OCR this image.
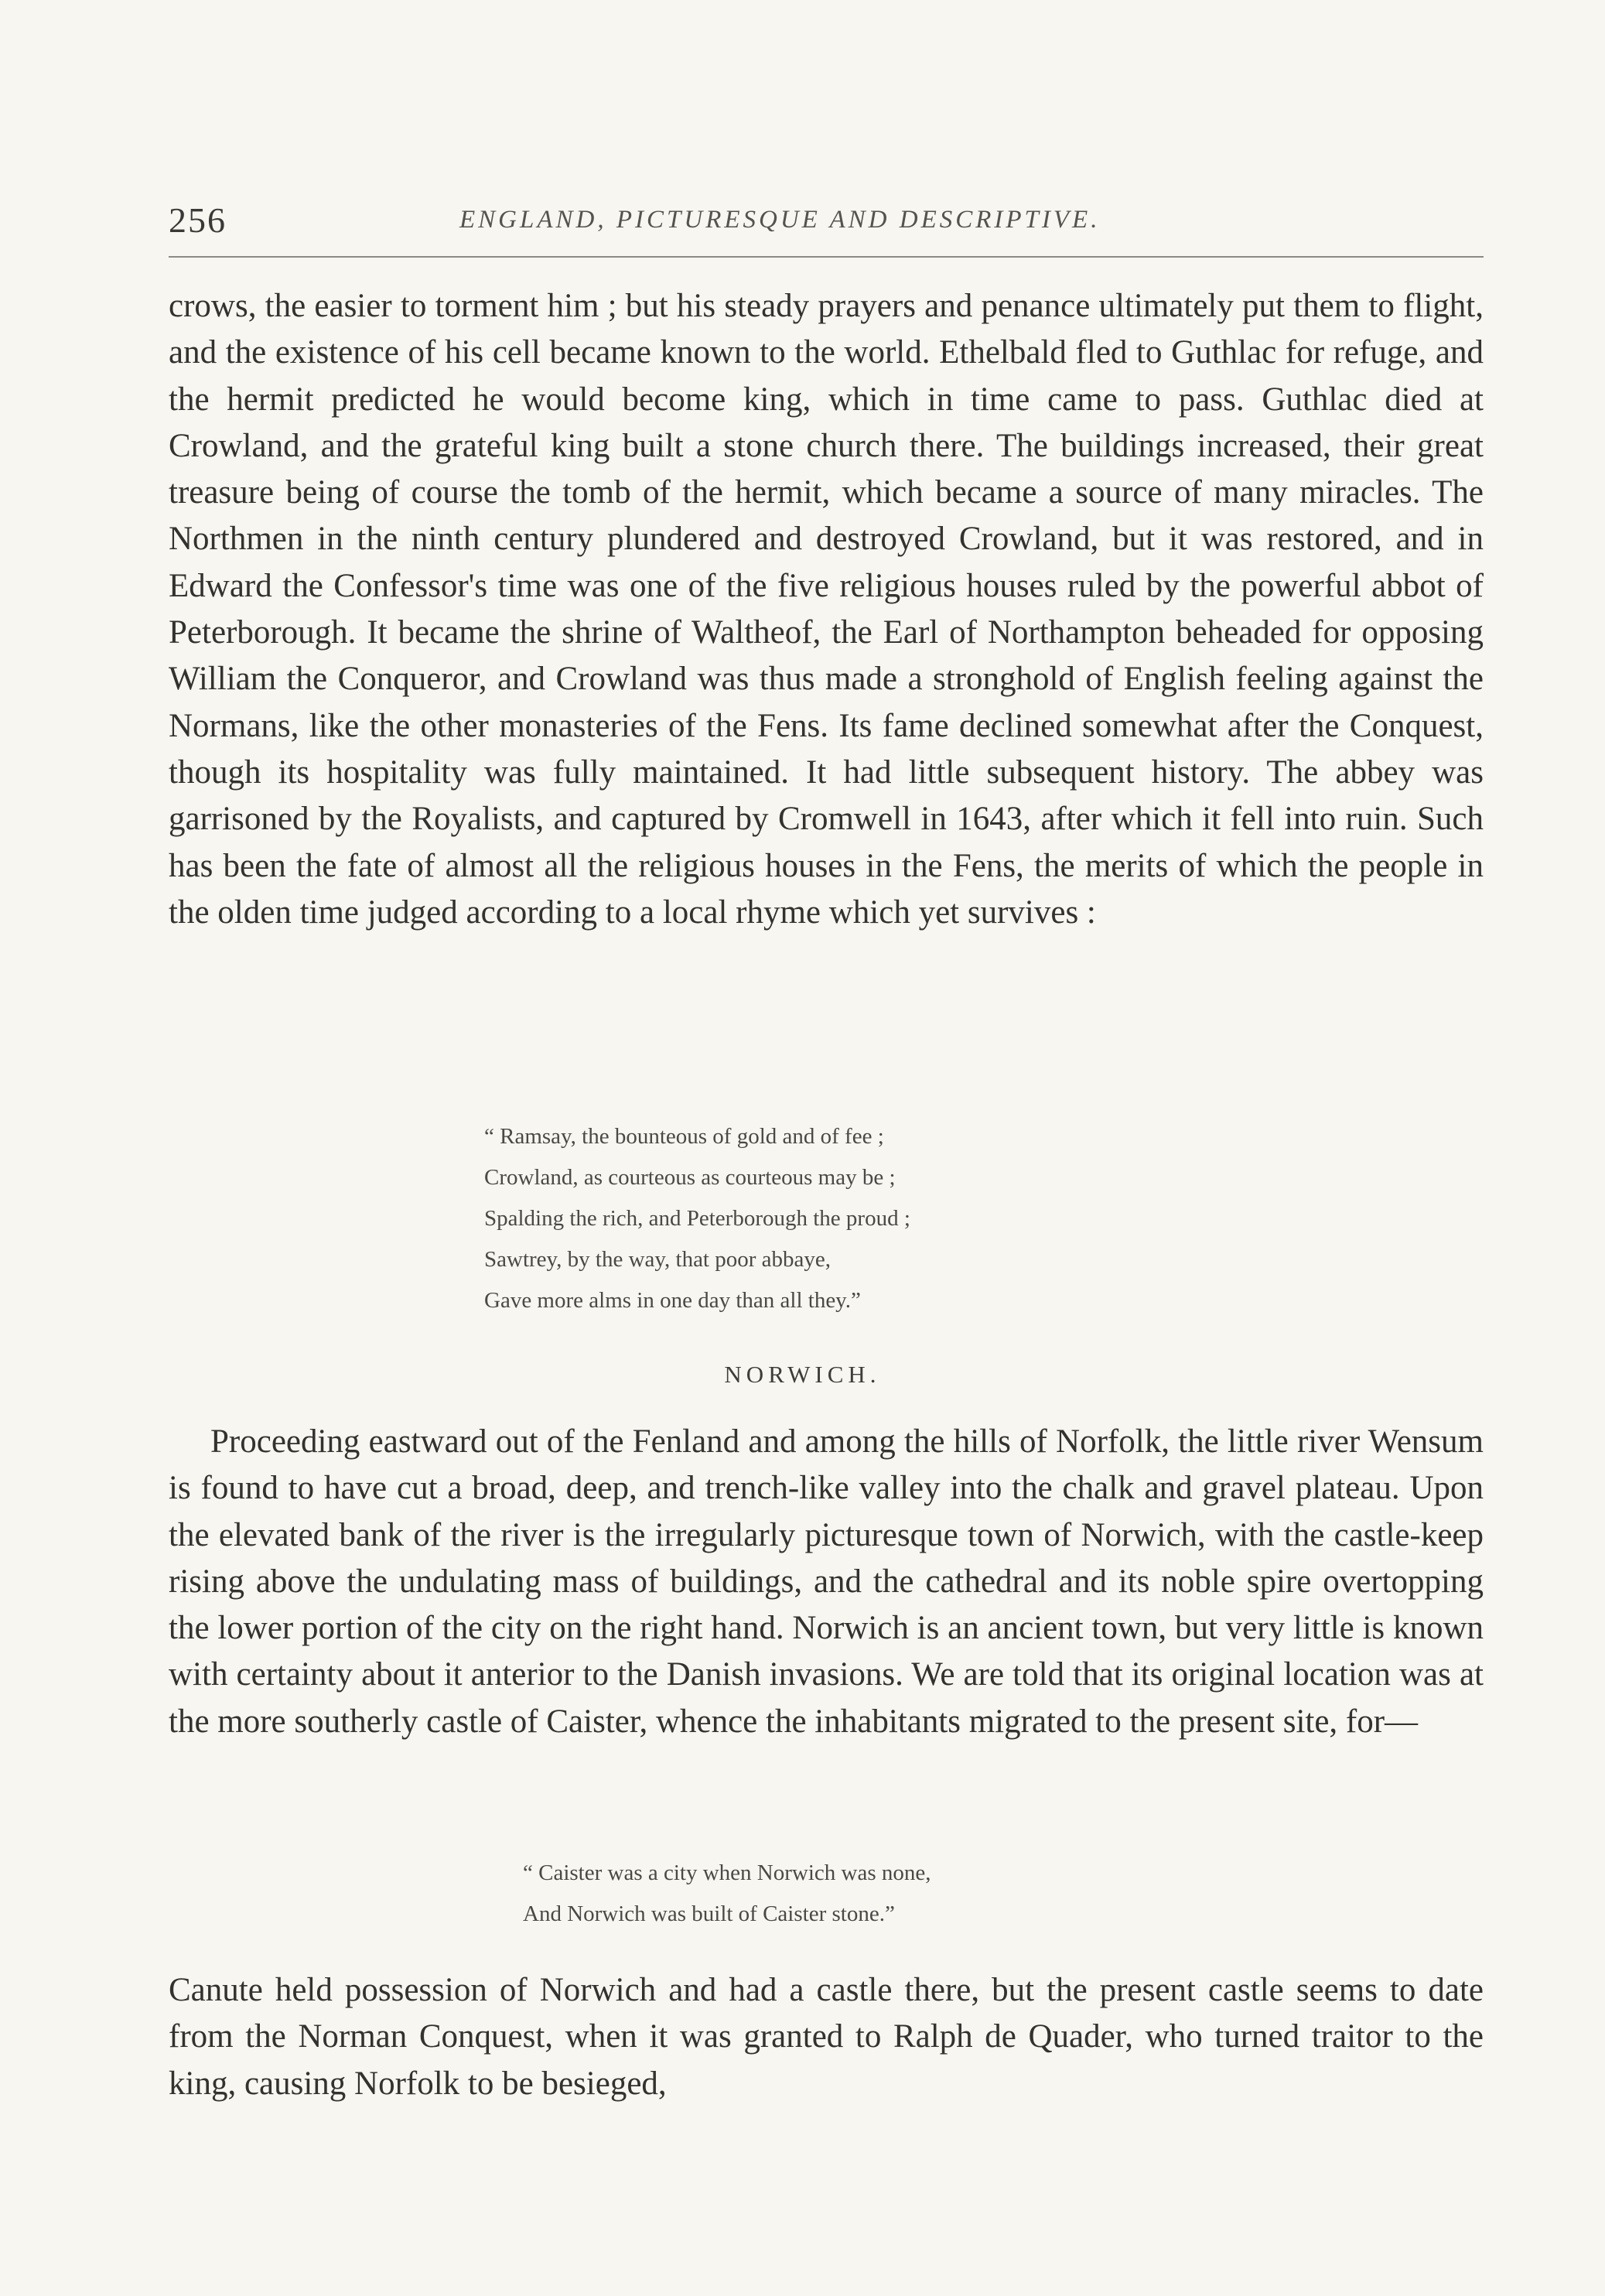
256	ENGLAND, PICTURESQUE AND DESCRIPTIVE.

crows, the easier to torment him ; but his steady prayers and penance ultimately put them to flight, and the existence of his cell became known to the world. Ethelbald fled to Guthlac for refuge, and the hermit predicted he would become king, which in time came to pass. Guthlac died at Crowland, and the grateful king built a stone church there. The buildings increased, their great treasure being of course the tomb of the hermit, which became a source of many miracles. The Northmen in the ninth century plundered and destroyed Crowland, but it was restored, and in Edward the Confessor's time was one of the five religious houses ruled by the powerful abbot of Peterborough. It became the shrine of Waltheof, the Earl of Northampton beheaded for opposing William the Conqueror, and Crowland was thus made a stronghold of English feeling against the Normans, like the other monasteries of the Fens. Its fame declined somewhat after the Conquest, though its hospitality was fully maintained. It had little subsequent history. The abbey was garrisoned by the Royalists, and captured by Cromwell in 1643, after which it fell into ruin. Such has been the fate of almost all the religious houses in the Fens, the merits of which the people in the olden time judged according to a local rhyme which yet survives :

“ Ramsay, the bounteous of gold and of fee ;
Crowland, as courteous as courteous may be ;
Spalding the rich, and Peterborough the proud ;
Sawtrey, by the way, that poor abbaye,
Gave more alms in one day than all they.”
NORWICH.

Proceeding eastward out of the Fenland and among the hills of Norfolk, the little river Wensum is found to have cut a broad, deep, and trench-like valley into the chalk and gravel plateau. Upon the elevated bank of the river is the irregularly picturesque town of Norwich, with the castle-keep rising above the undulating mass of buildings, and the cathedral and its noble spire overtopping the lower portion of the city on the right hand. Norwich is an ancient town, but very little is known with certainty about it anterior to the Danish invasions. We are told that its original location was at the more southerly castle of Caister, whence the inhabitants migrated to the present site, for—

“ Caister was a city when Norwich was none,
And Norwich was built of Caister stone.”

Canute held possession of Norwich and had a castle there, but the present castle seems to date from the Norman Conquest, when it was granted to Ralph de Quader, who turned traitor to the king, causing Norfolk to be besieged,
